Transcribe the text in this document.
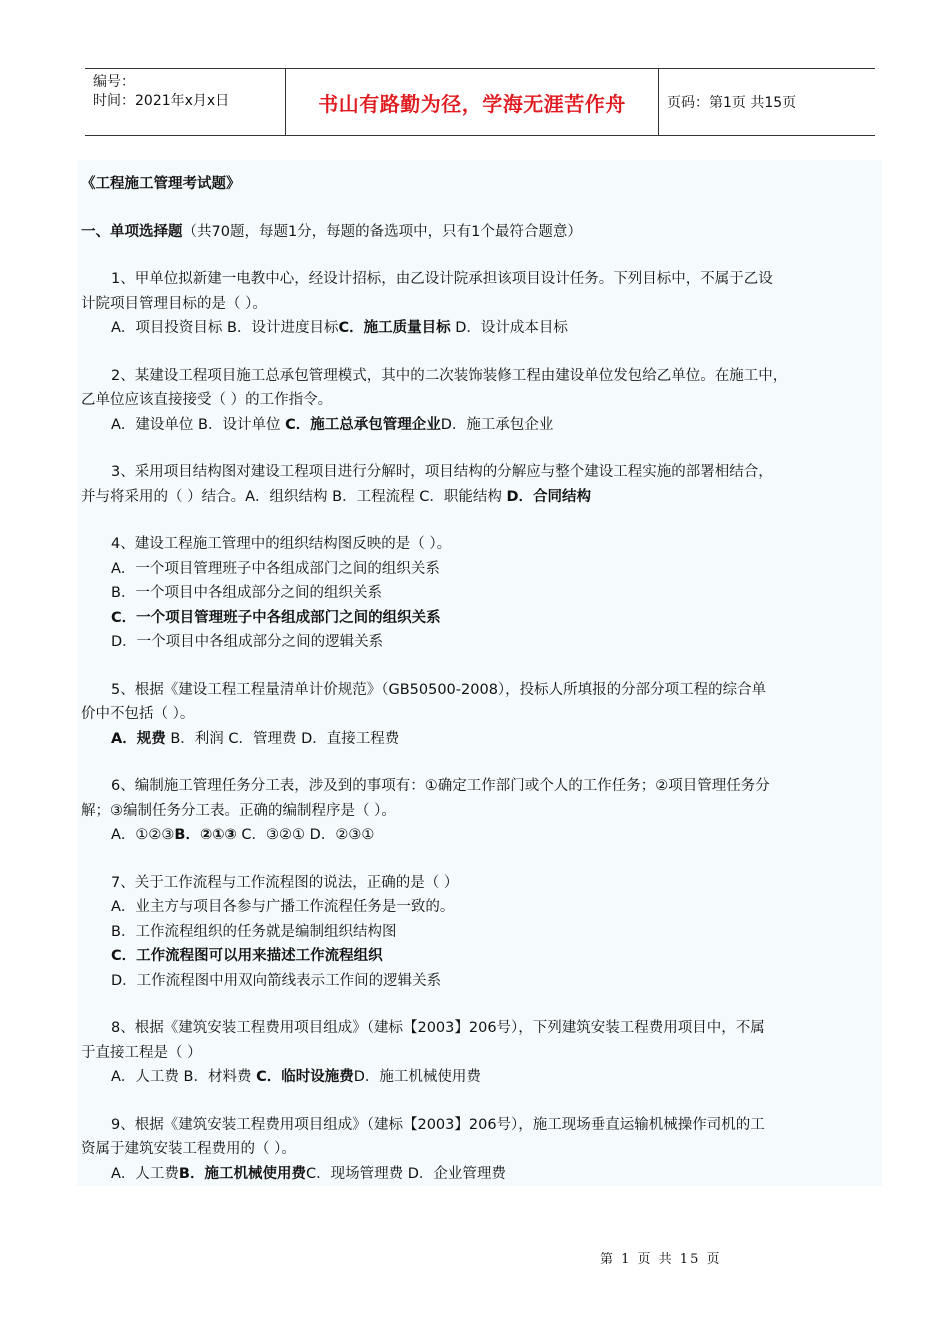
编号：
时间：2021年x月x日	书山有路勤为径，学海无涯苦作舟	页码：第1页 共15页
《工程施工管理考试题》
一、单项选择题（共70题，每题1分，每题的备选项中，只有1个最符合题意）
1、甲单位拟新建一电教中心，经设计招标，由乙设计院承担该项目设计任务。下列目标中，不属于乙设
计院项目管理目标的是（ ）。
A．项目投资目标 B．设计进度目标C．施工质量目标 D．设计成本目标
2、某建设工程项目施工总承包管理模式，其中的二次装饰装修工程由建设单位发包给乙单位。在施工中，
乙单位应该直接接受（ ）的工作指令。
A．建设单位 B．设计单位 C．施工总承包管理企业D．施工承包企业
3、采用项目结构图对建设工程项目进行分解时，项目结构的分解应与整个建设工程实施的部署相结合，
并与将采用的（ ）结合。A．组织结构 B．工程流程 C．职能结构 D．合同结构
4、建设工程施工管理中的组织结构图反映的是（ ）。
A．一个项目管理班子中各组成部门之间的组织关系
B．一个项目中各组成部分之间的组织关系
C．一个项目管理班子中各组成部门之间的组织关系
D．一个项目中各组成部分之间的逻辑关系
5、根据《建设工程工程量清单计价规范》（GB50500-2008），投标人所填报的分部分项工程的综合单
价中不包括（ ）。
A．规费 B．利润 C．管理费 D．直接工程费
6、编制施工管理任务分工表，涉及到的事项有：①确定工作部门或个人的工作任务；②项目管理任务分
解；③编制任务分工表。正确的编制程序是（ ）。
A．①②③B．②①③ C．③②① D．②③①
7、关于工作流程与工作流程图的说法，正确的是（ ）
A．业主方与项目各参与广播工作流程任务是一致的。
B．工作流程组织的任务就是编制组织结构图
C．工作流程图可以用来描述工作流程组织
D．工作流程图中用双向箭线表示工作间的逻辑关系
8、根据《建筑安装工程费用项目组成》（建标【2003】206号），下列建筑安装工程费用项目中，不属
于直接工程是（ ）
A．人工费 B．材料费 C．临时设施费D．施工机械使用费
9、根据《建筑安装工程费用项目组成》（建标【2003】206号），施工现场垂直运输机械操作司机的工
资属于建筑安装工程费用的（ ）。
A．人工费B．施工机械使用费C．现场管理费 D．企业管理费
第 1 页 共 15 页
